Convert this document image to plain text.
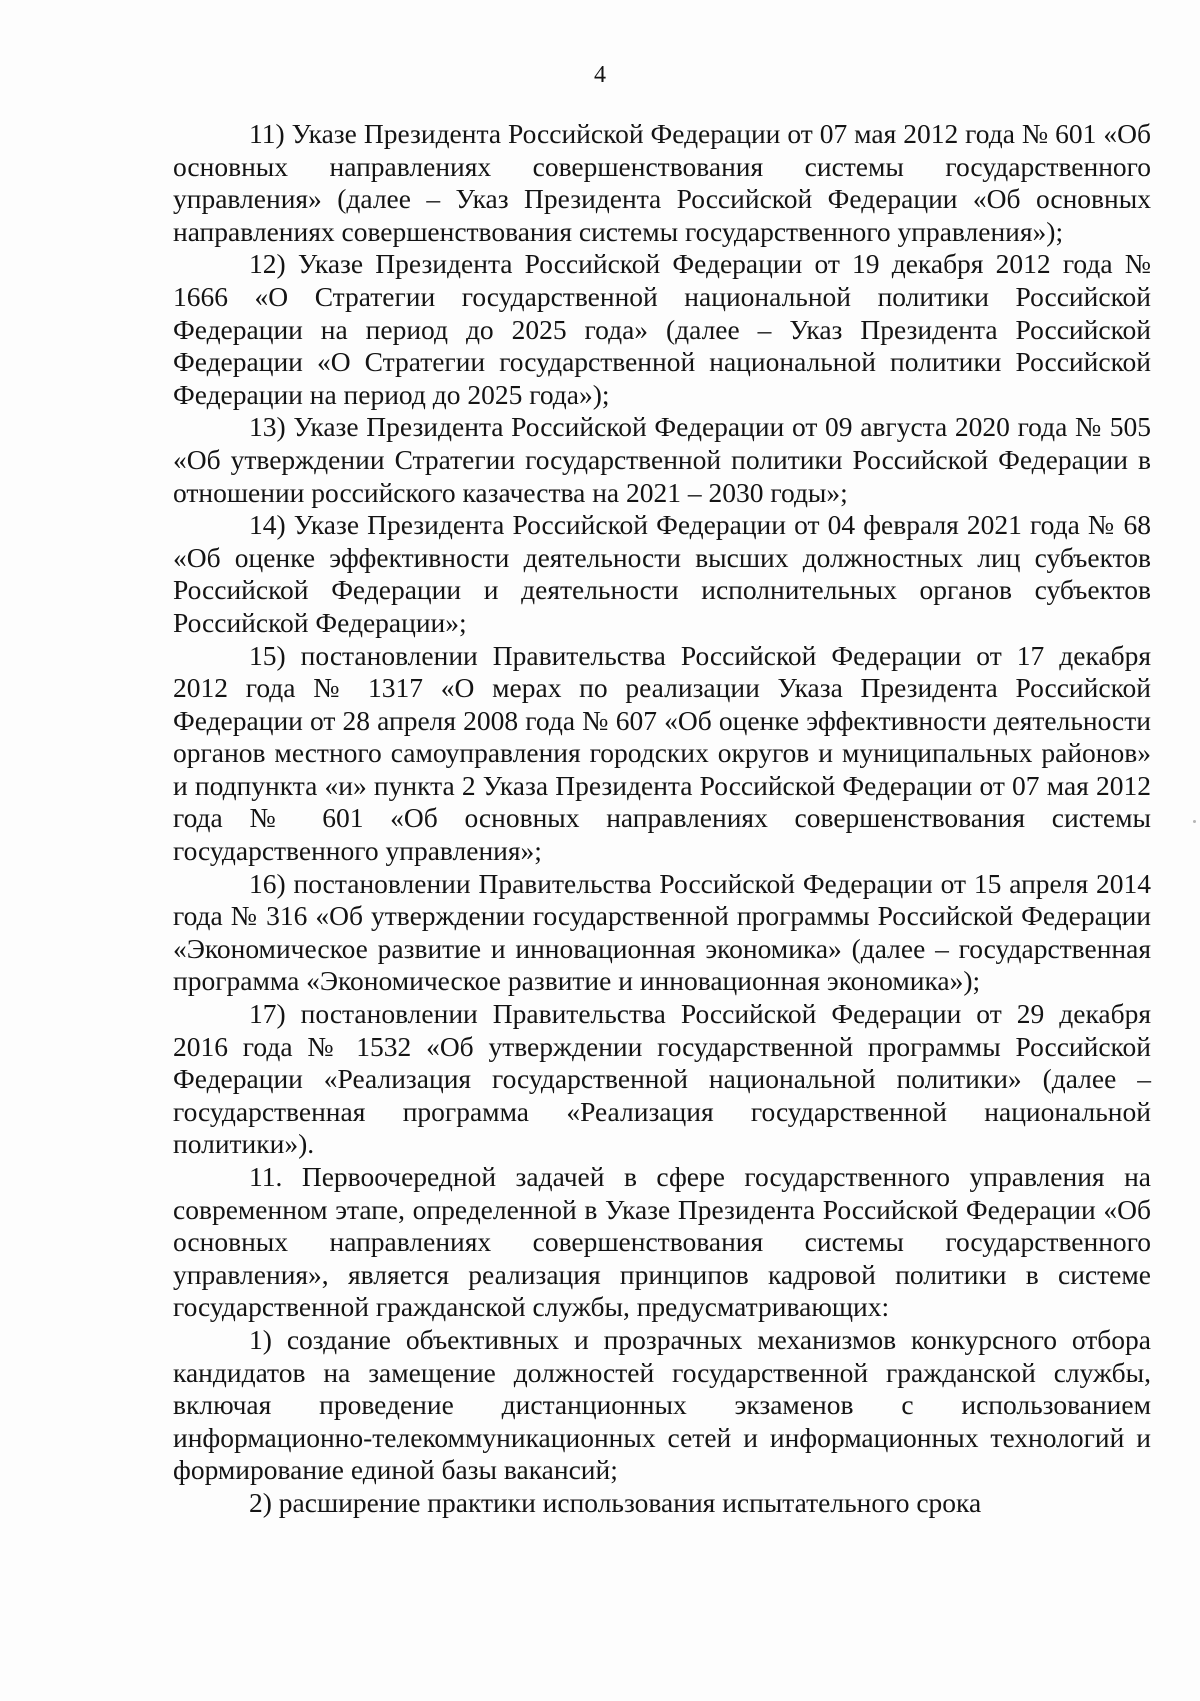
4

11) Указе Президента Российской Федерации от 07 мая 2012 года № 601 «Об основных направлениях совершенствования системы государственного управления» (далее – Указ Президента Российской Федерации «Об основных направлениях совершенствования системы государственного управления»);

12) Указе Президента Российской Федерации от 19 декабря 2012 года № 1666 «О Стратегии государственной национальной политики Российской Федерации на период до 2025 года» (далее – Указ Президента Российской Федерации «О Стратегии государственной национальной политики Российской Федерации на период до 2025 года»);

13) Указе Президента Российской Федерации от 09 августа 2020 года № 505 «Об утверждении Стратегии государственной политики Российской Федерации в отношении российского казачества на 2021 – 2030 годы»;

14) Указе Президента Российской Федерации от 04 февраля 2021 года № 68 «Об оценке эффективности деятельности высших должностных лиц субъектов Российской Федерации и деятельности исполнительных органов субъектов Российской Федерации»;

15) постановлении Правительства Российской Федерации от 17 декабря 2012 года № 1317 «О мерах по реализации Указа Президента Российской Федерации от 28 апреля 2008 года № 607 «Об оценке эффективности деятельности органов местного самоуправления городских округов и муниципальных районов» и подпункта «и» пункта 2 Указа Президента Российской Федерации от 07 мая 2012 года № 601 «Об основных направлениях совершенствования системы государственного управления»;

16) постановлении Правительства Российской Федерации от 15 апреля 2014 года № 316 «Об утверждении государственной программы Российской Федерации «Экономическое развитие и инновационная экономика» (далее – государственная программа «Экономическое развитие и инновационная экономика»);

17) постановлении Правительства Российской Федерации от 29 декабря 2016 года № 1532 «Об утверждении государственной программы Российской Федерации «Реализация государственной национальной политики» (далее – государственная программа «Реализация государственной национальной политики»).

11. Первоочередной задачей в сфере государственного управления на современном этапе, определенной в Указе Президента Российской Федерации «Об основных направлениях совершенствования системы государственного управления», является реализация принципов кадровой политики в системе государственной гражданской службы, предусматривающих:

1) создание объективных и прозрачных механизмов конкурсного отбора кандидатов на замещение должностей государственной гражданской службы, включая проведение дистанционных экзаменов с использованием информационно-телекоммуникационных сетей и информационных технологий и формирование единой базы вакансий;

2) расширение практики использования испытательного срока
